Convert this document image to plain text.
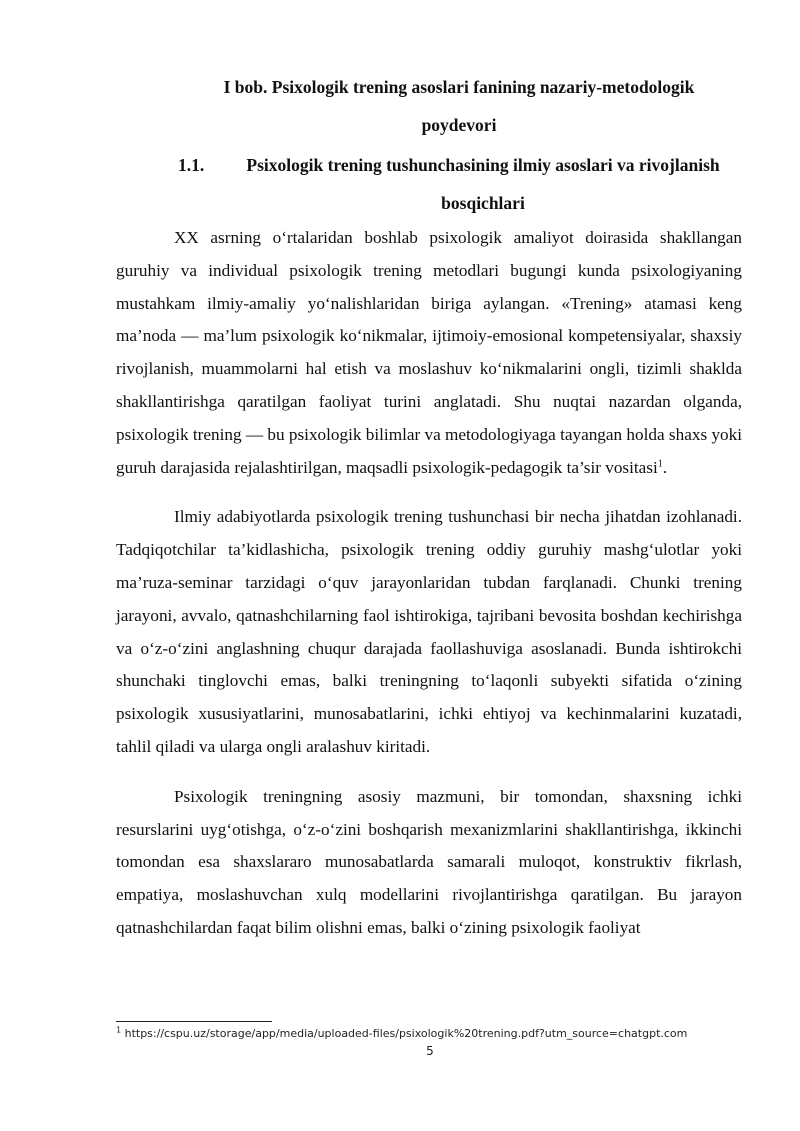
I bob. Psixologik trening asoslari fanining nazariy-metodologik poydevori
1.1.	Psixologik trening tushunchasining ilmiy asoslari va rivojlanish bosqichlari

XX asrning o‘rtalaridan boshlab psixologik amaliyot doirasida shakllangan guruhiy va individual psixologik trening metodlari bugungi kunda psixologiyaning mustahkam ilmiy-amaliy yo‘nalishlaridan biriga aylangan. «Trening» atamasi keng ma’noda — ma’lum psixologik ko‘nikmalar, ijtimoiy-emosional kompetensiyalar, shaxsiy rivojlanish, muammolarni hal etish va moslashuv ko‘nikmalarini ongli, tizimli shaklda shakllantirishga qaratilgan faoliyat turini anglatadi. Shu nuqtai nazardan olganda, psixologik trening — bu psixologik bilimlar va metodologiyaga tayangan holda shaxs yoki guruh darajasida rejalashtirilgan, maqsadli psixologik-pedagogik ta’sir vositasi$^1$.

Ilmiy adabiyotlarda psixologik trening tushunchasi bir necha jihatdan izohlanadi. Tadqiqotchilar ta’kidlashicha, psixologik trening oddiy guruhiy mashg‘ulotlar yoki ma’ruza-seminar tarzidagi o‘quv jarayonlaridan tubdan farqlanadi. Chunki trening jarayoni, avvalo, qatnashchilarning faol ishtirokiga, tajribani bevosita boshdan kechirishga va o‘z-o‘zini anglashning chuqur darajada faollashuviga asoslanadi. Bunda ishtirokchi shunchaki tinglovchi emas, balki treningning to‘laqonli subyekti sifatida o‘zining psixologik xususiyatlarini, munosabatlarini, ichki ehtiyoj va kechinmalarini kuzatadi, tahlil qiladi va ularga ongli aralashuv kiritadi.

Psixologik treningning asosiy mazmuni, bir tomondan, shaxsning ichki resurslarini uyg‘otishga, o‘z-o‘zini boshqarish mexanizmlarini shakllantirishga, ikkinchi tomondan esa shaxslararo munosabatlarda samarali muloqot, konstruktiv fikrlash, empatiya, moslashuvchan xulq modellarini rivojlantirishga qaratilgan. Bu jarayon qatnashchilardan faqat bilim olishni emas, balki o‘zining psixologik faoliyat

$^1$ https://cspu.uz/storage/app/media/uploaded-files/psixologik%20trening.pdf?utm_source=chatgpt.com
5
